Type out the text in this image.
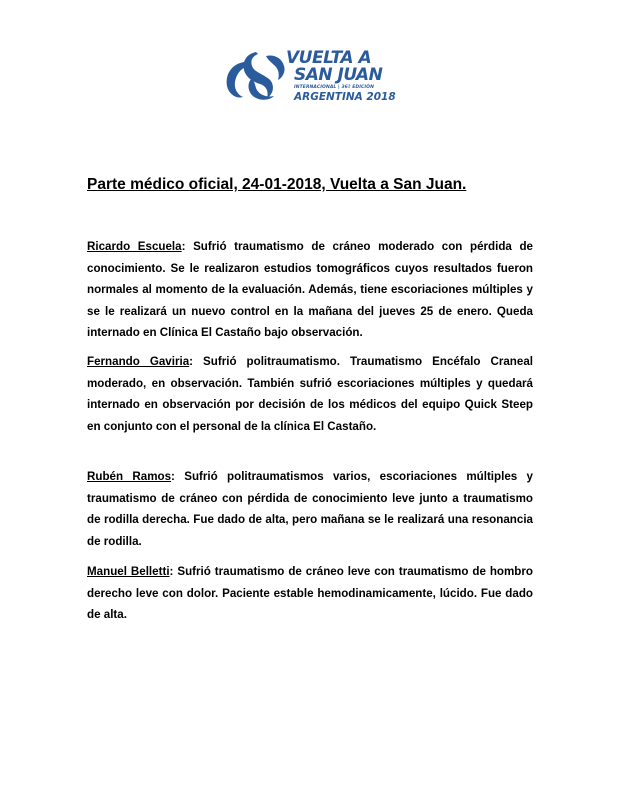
VUELTA A
SAN JUAN
INTERNACIONAL | 36ª EDICIÓN
ARGENTINA 2018
Parte médico oficial, 24-01-2018, Vuelta a San Juan.

Ricardo Escuela: Sufrió traumatismo de cráneo moderado con pérdida de conocimiento. Se le realizaron estudios tomográficos cuyos resultados fueron normales al momento de la evaluación. Además, tiene escoriaciones múltiples y se le realizará un nuevo control en la mañana del jueves 25 de enero. Queda internado en Clínica El Castaño bajo observación.

Fernando Gaviria: Sufrió politraumatismo. Traumatismo Encéfalo Craneal moderado, en observación. También sufrió escoriaciones múltiples y quedará internado en observación por decisión de los médicos del equipo Quick Steep en conjunto con el personal de la clínica El Castaño.

Rubén Ramos: Sufrió politraumatismos varios, escoriaciones múltiples y traumatismo de cráneo con pérdida de conocimiento leve junto a traumatismo de rodilla derecha. Fue dado de alta, pero mañana se le realizará una resonancia de rodilla.

Manuel Belletti: Sufrió traumatismo de cráneo leve con traumatismo de hombro derecho leve con dolor. Paciente estable hemodinamicamente, lúcido. Fue dado de alta.
